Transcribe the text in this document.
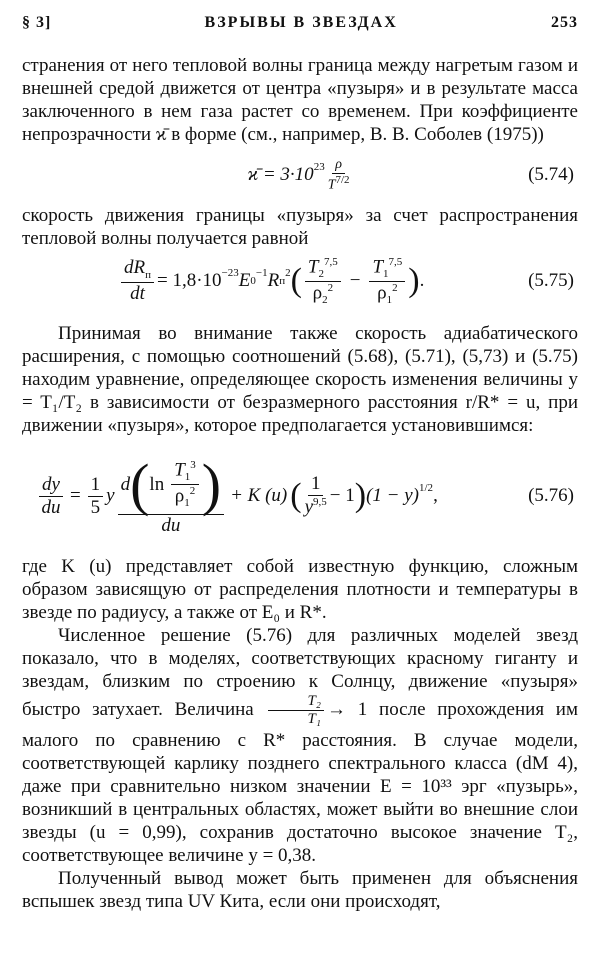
§ 3]	ВЗРЫВЫ В ЗВЕЗДАХ	253

странения от него тепловой волны граница между нагретым газом и внешней средой движется от центра «пузыря» и в результате масса заключенного в нем газа растет со временем. При коэффициенте непрозрачности ϰ̄ в форме (см., например, В. В. Соболев (1975))

ϰ̄ = $3\cdot 10^{23} \frac{\rho}{T^{7/2}}$	(5.74)

скорость движения границы «пузыря» за счет распространения тепловой волны получается равной

$\frac{dR_п}{dt} = 1,8\cdot 10^{-23}$ E 0
$^{-1}$ R п
$^2$ ( $\frac{T_2^{7,5}}{\rho_2^2} - \frac{T_1^{7,5}}{\rho_1^2}$ ) .	(5.75)

Принимая во внимание также скорость адиабатического расширения, с помощью соотношений (5.68), (5.71), (5,73) и (5.75) находим уравнение, определяющее скорость изменения величины y = T₁/T₂ в зависимости от безразмерного расстояния r/R* = u, при движении «пузыря», которое предполагается установившимся:

$\frac{dy}{du} = \frac{1}{5}$ y
d ( $\ln \frac{T_1^3}{\rho_1^2}$ )
du
+ K (u) ( $\frac{1}{y^{9,5}} - 1$ ) $(1 - y)^{1/2}$ ,	(5.76)

где K (u) представляет собой известную функцию, сложным образом зависящую от распределения плотности и температуры в звезде по радиусу, а также от E₀ и R*.

Численное решение (5.76) для различных моделей звезд показало, что в моделях, соответствующих красному гиганту и звездам, близким по строению к Солнцу, движение «пузыря» быстро затухает. Величина $\frac{\text{T₂}}{\text{T₁}} \to 1$ после прохождения им малого по сравнению с R* расстояния. В случае модели, соответствующей карлику позднего спектрального класса (dM 4), даже при сравнительно низком значении E = 10³³ эрг «пузырь», возникший в центральных областях, может выйти во внешние слои звезды (u = 0,99), сохранив достаточно высокое значение T₂, соответствующее величине y = 0,38.

Полученный вывод может быть применен для объяснения вспышек звезд типа UV Кита, если они происходят,
